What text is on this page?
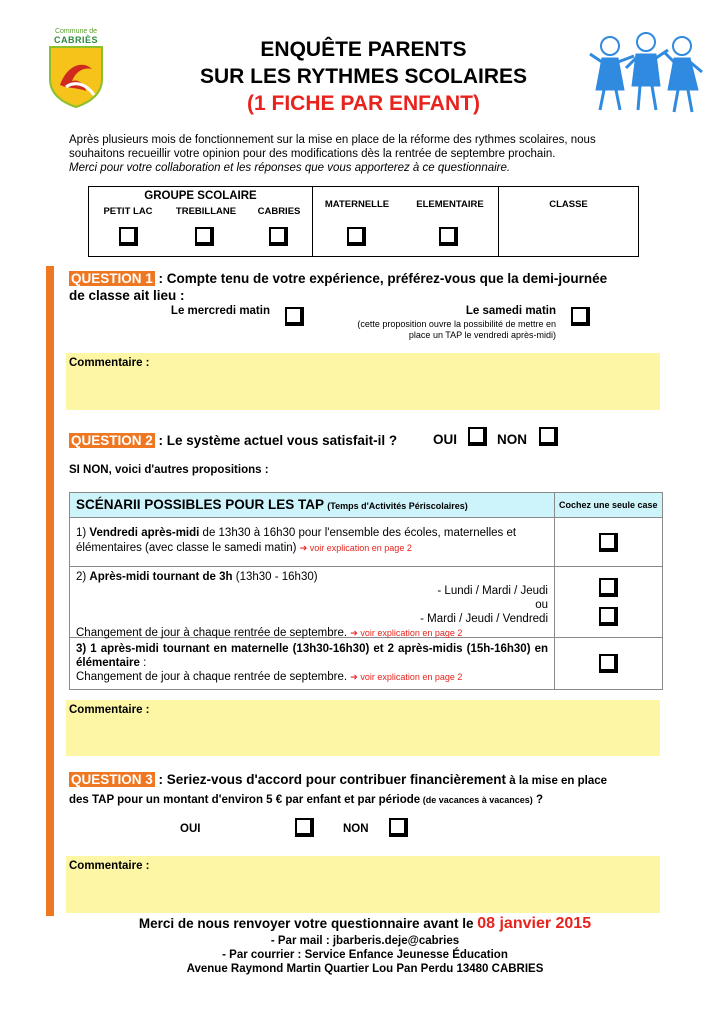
Commune de
CABRIÈS	ENQUÊTE PARENTS
SUR LES RYTHMES SCOLAIRES
(1 FICHE PAR ENFANT)
Après plusieurs mois de fonctionnement sur la mise en place de la réforme des rythmes scolaires, nous
souhaitons recueillir votre opinion pour des modifications dès la rentrée de septembre prochain.
Merci pour votre collaboration et les réponses que vous apporterez à ce questionnaire.
GROUPE SCOLAIRE
PETIT LAC	TREBILLANE	CABRIES
MATERNELLE	ELEMENTAIRE	CLASSE
QUESTION 1 : Compte tenu de votre expérience, préférez-vous que la demi-journée
de classe ait lieu :
Le mercredi matin	Le samedi matin
(cette proposition ouvre la possibilité de mettre en
place un TAP le vendredi après-midi)
Commentaire :
QUESTION 2 : Le système actuel vous satisfait-il ?	OUI	NON
SI NON, voici d'autres propositions :
SCÉNARII POSSIBLES POUR LES TAP (Temps d'Activités Périscolaires)	Cochez une seule case
1) Vendredi après-midi de 13h30 à 16h30 pour l'ensemble des écoles, maternelles et élémentaires (avec classe le samedi matin) ➔ voir explication en page 2
2) Après-midi tournant de 3h (13h30 - 16h30)
- Lundi / Mardi / Jeudi
ou
- Mardi / Jeudi / Vendredi
Changement de jour à chaque rentrée de septembre. ➔ voir explication en page 2
3) 1 après-midi tournant en maternelle (13h30-16h30) et 2 après-midis (15h-16h30) en élémentaire :
Changement de jour à chaque rentrée de septembre. ➔ voir explication en page 2
Commentaire :
QUESTION 3 : Seriez-vous d'accord pour contribuer financièrement à la mise en place
des TAP pour un montant d'environ 5 € par enfant et par période (de vacances à vacances) ?
OUI	NON
Commentaire :
Merci de nous renvoyer votre questionnaire avant le 08 janvier 2015
- Par mail : jbarberis.deje@cabries
- Par courrier : Service Enfance Jeunesse Éducation
Avenue Raymond Martin Quartier Lou Pan Perdu 13480 CABRIES
